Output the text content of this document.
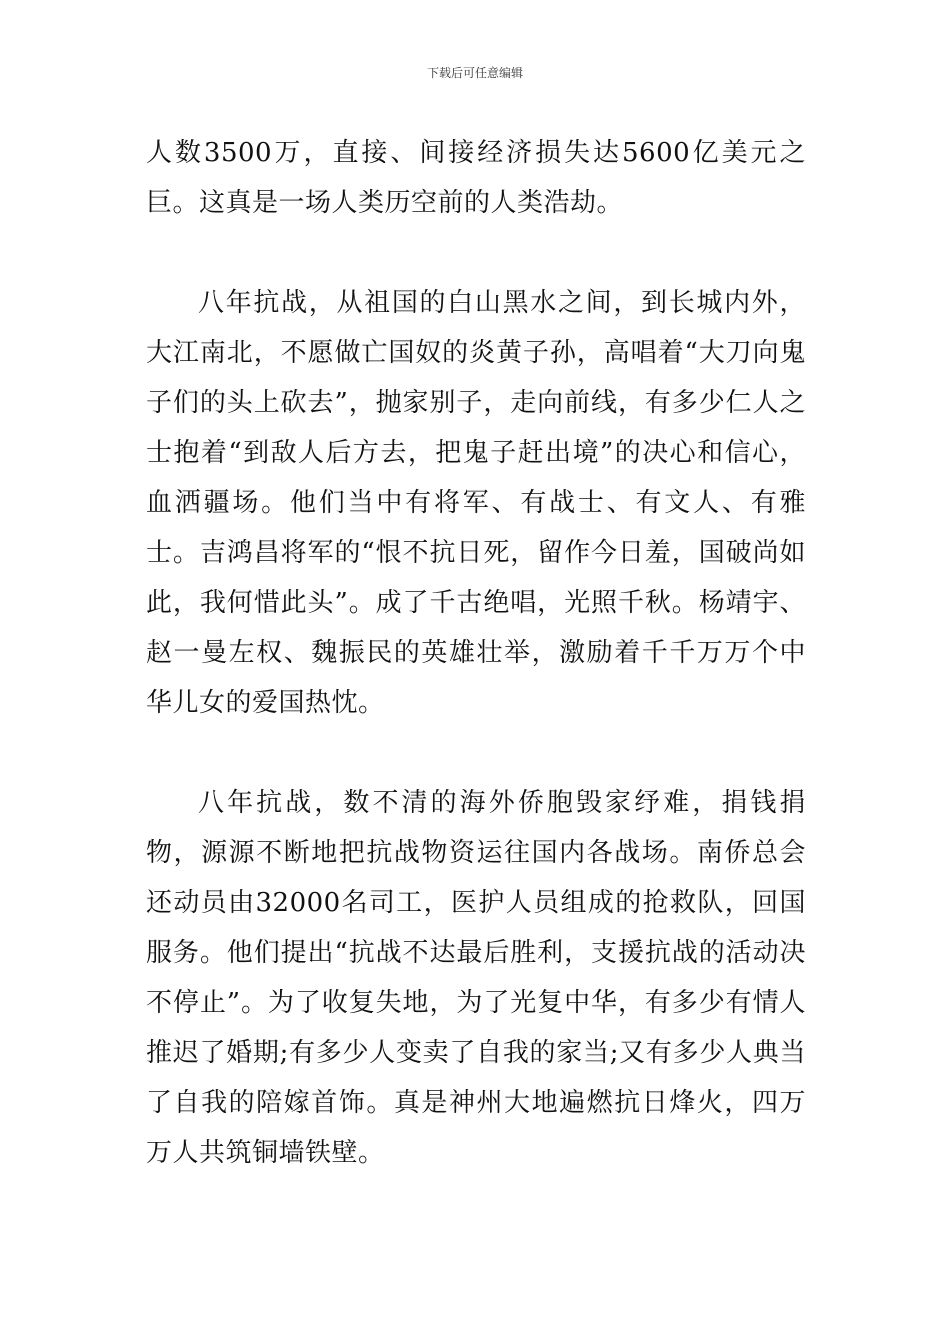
下载后可任意编辑

人数3500万，直接、间接经济损失达5600亿美元之巨。这真是一场人类历空前的人类浩劫。

八年抗战，从祖国的白山黑水之间，到长城内外，大江南北，不愿做亡国奴的炎黄子孙，高唱着“大刀向鬼子们的头上砍去”，抛家别子，走向前线，有多少仁人之士抱着“到敌人后方去，把鬼子赶出境”的决心和信心，血洒疆场。他们当中有将军、有战士、有文人、有雅士。吉鸿昌将军的“恨不抗日死，留作今日羞，国破尚如此，我何惜此头”。成了千古绝唱，光照千秋。杨靖宇、赵一曼左权、魏振民的英雄壮举，激励着千千万万个中华儿女的爱国热忱。

八年抗战，数不清的海外侨胞毁家纾难，捐钱捐物，源源不断地把抗战物资运往国内各战场。南侨总会还动员由32000名司工，医护人员组成的抢救队，回国服务。他们提出“抗战不达最后胜利，支援抗战的活动决不停止”。为了收复失地，为了光复中华，有多少有情人推迟了婚期;有多少人变卖了自我的家当;又有多少人典当了自我的陪嫁首饰。真是神州大地遍燃抗日烽火，四万万人共筑铜墙铁壁。
